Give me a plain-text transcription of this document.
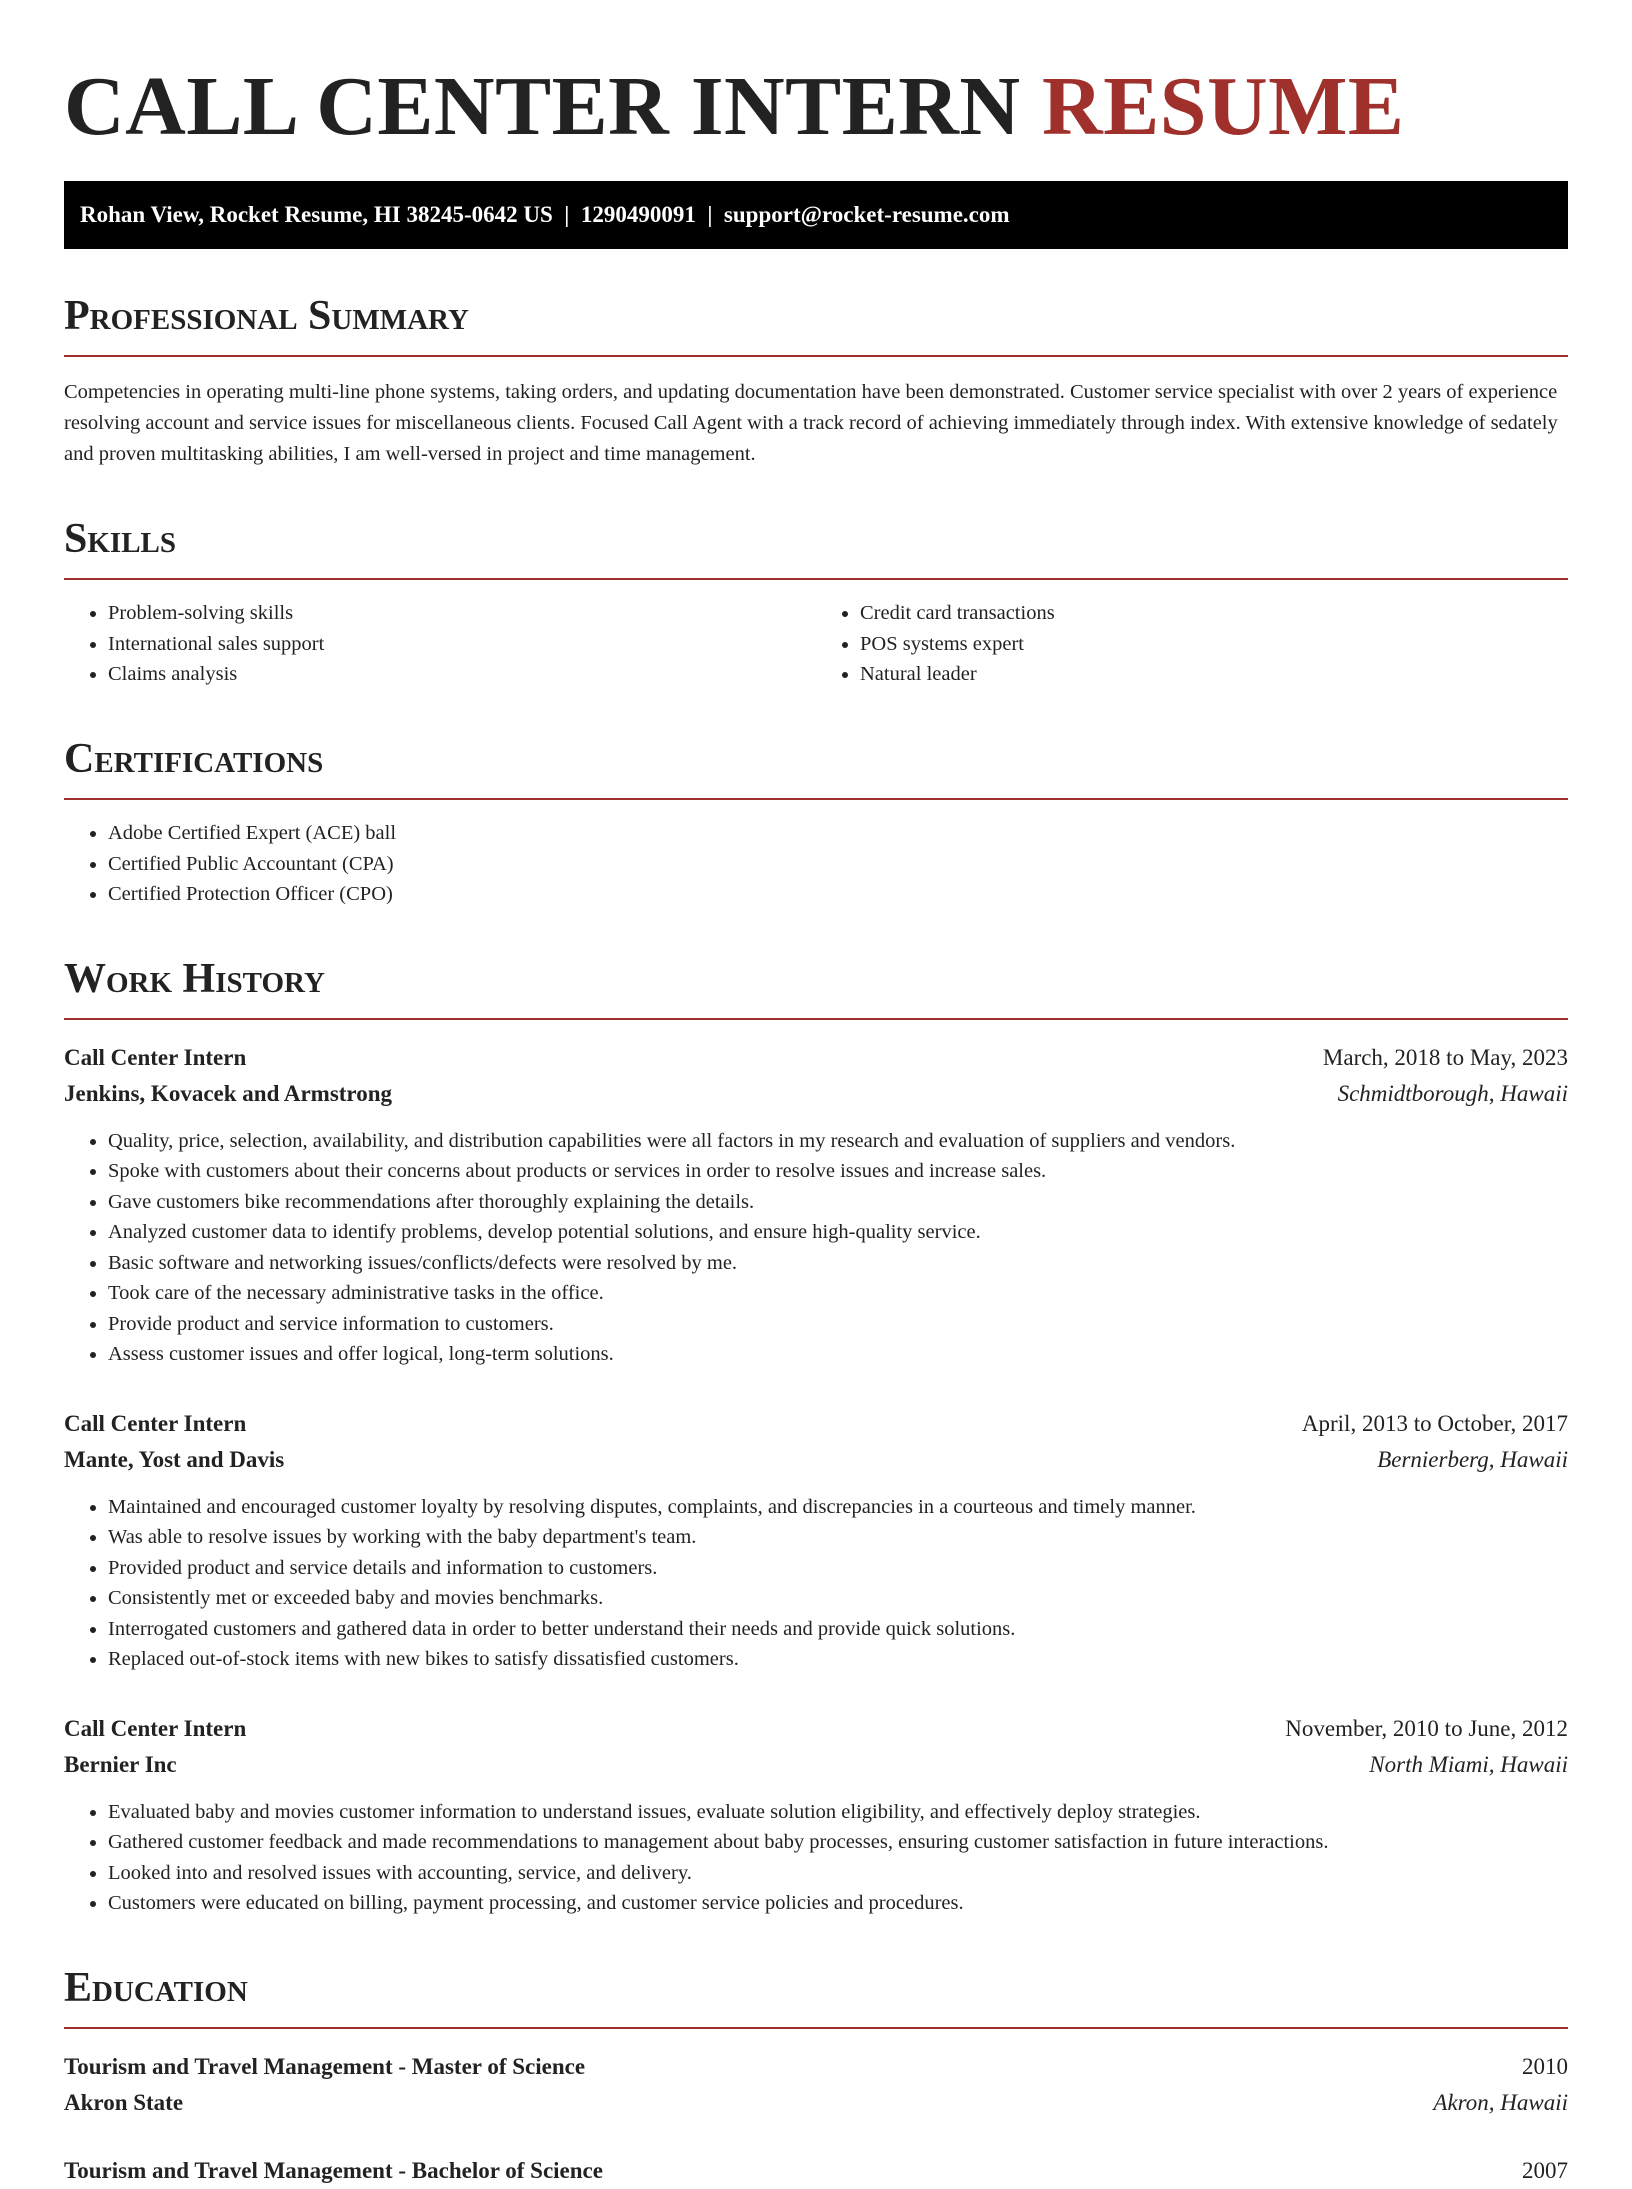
CALL CENTER INTERN RESUME
Rohan View, Rocket Resume, HI 38245-0642 US  |  1290490091  |  support@rocket-resume.com
Professional Summary

Competencies in operating multi-line phone systems, taking orders, and updating documentation have been demonstrated. Customer service specialist with over 2 years of experience resolving account and service issues for miscellaneous clients. Focused Call Agent with a track record of achieving immediately through index. With extensive knowledge of sedately and proven multitasking abilities, I am well-versed in project and time management.

Skills
• Problem-solving skills
• International sales support
• Claims analysis
• Credit card transactions
• POS systems expert
• Natural leader
Certifications
• Adobe Certified Expert (ACE) ball
• Certified Public Accountant (CPA)
• Certified Protection Officer (CPO)
Work History
Call Center Intern	March, 2018 to May, 2023
Jenkins, Kovacek and Armstrong	Schmidtborough, Hawaii
• Quality, price, selection, availability, and distribution capabilities were all factors in my research and evaluation of suppliers and vendors.
• Spoke with customers about their concerns about products or services in order to resolve issues and increase sales.
• Gave customers bike recommendations after thoroughly explaining the details.
• Analyzed customer data to identify problems, develop potential solutions, and ensure high-quality service.
• Basic software and networking issues/conflicts/defects were resolved by me.
• Took care of the necessary administrative tasks in the office.
• Provide product and service information to customers.
• Assess customer issues and offer logical, long-term solutions.
Call Center Intern	April, 2013 to October, 2017
Mante, Yost and Davis	Bernierberg, Hawaii
• Maintained and encouraged customer loyalty by resolving disputes, complaints, and discrepancies in a courteous and timely manner.
• Was able to resolve issues by working with the baby department's team.
• Provided product and service details and information to customers.
• Consistently met or exceeded baby and movies benchmarks.
• Interrogated customers and gathered data in order to better understand their needs and provide quick solutions.
• Replaced out-of-stock items with new bikes to satisfy dissatisfied customers.
Call Center Intern	November, 2010 to June, 2012
Bernier Inc	North Miami, Hawaii
• Evaluated baby and movies customer information to understand issues, evaluate solution eligibility, and effectively deploy strategies.
• Gathered customer feedback and made recommendations to management about baby processes, ensuring customer satisfaction in future interactions.
• Looked into and resolved issues with accounting, service, and delivery.
• Customers were educated on billing, payment processing, and customer service policies and procedures.
Education
Tourism and Travel Management - Master of Science	2010
Akron State	Akron, Hawaii
Tourism and Travel Management - Bachelor of Science	2007
